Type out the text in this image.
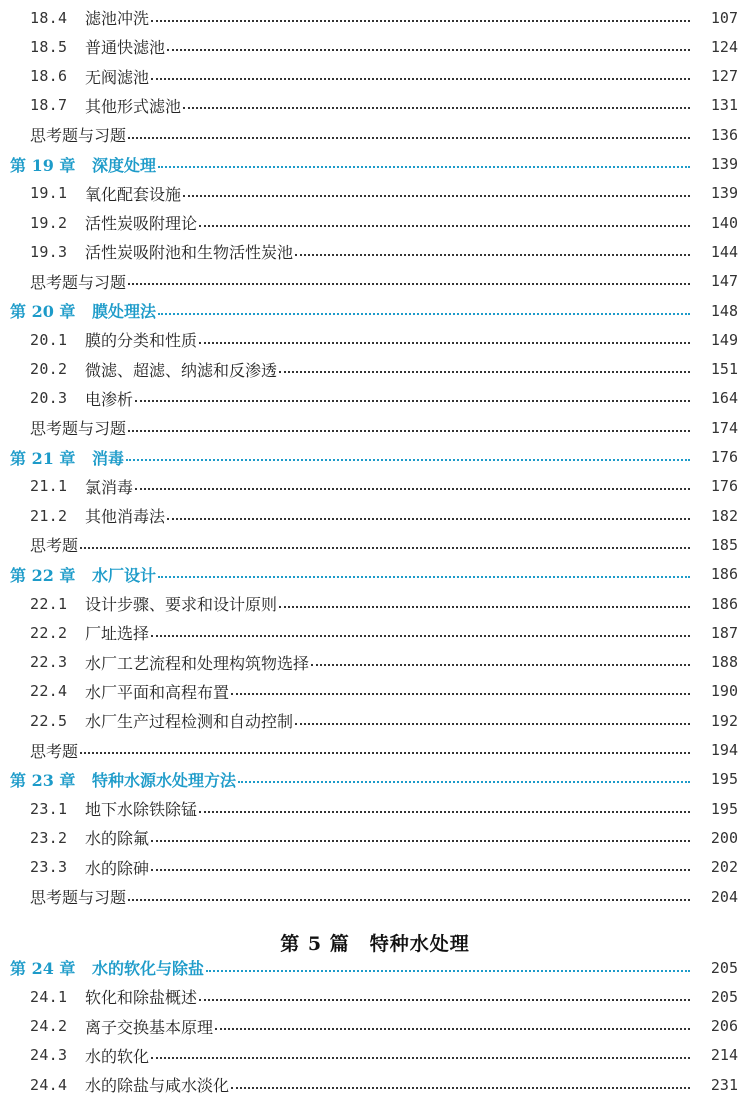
18.4	滤池冲洗	107
18.5	普通快滤池	124
18.6	无阀滤池	127
18.7	其他形式滤池	131
思考题与习题	136
第 19 章	深度处理	139
19.1	氧化配套设施	139
19.2	活性炭吸附理论	140
19.3	活性炭吸附池和生物活性炭池	144
思考题与习题	147
第 20 章	膜处理法	148
20.1	膜的分类和性质	149
20.2	微滤、超滤、纳滤和反渗透	151
20.3	电渗析	164
思考题与习题	174
第 21 章	消毒	176
21.1	氯消毒	176
21.2	其他消毒法	182
思考题	185
第 22 章	水厂设计	186
22.1	设计步骤、要求和设计原则	186
22.2	厂址选择	187
22.3	水厂工艺流程和处理构筑物选择	188
22.4	水厂平面和高程布置	190
22.5	水厂生产过程检测和自动控制	192
思考题	194
第 23 章	特种水源水处理方法	195
23.1	地下水除铁除锰	195
23.2	水的除氟	200
23.3	水的除砷	202
思考题与习题	204
第 5 篇　特种水处理
第 24 章	水的软化与除盐	205
24.1	软化和除盐概述	205
24.2	离子交换基本原理	206
24.3	水的软化	214
24.4	水的除盐与咸水淡化	231
